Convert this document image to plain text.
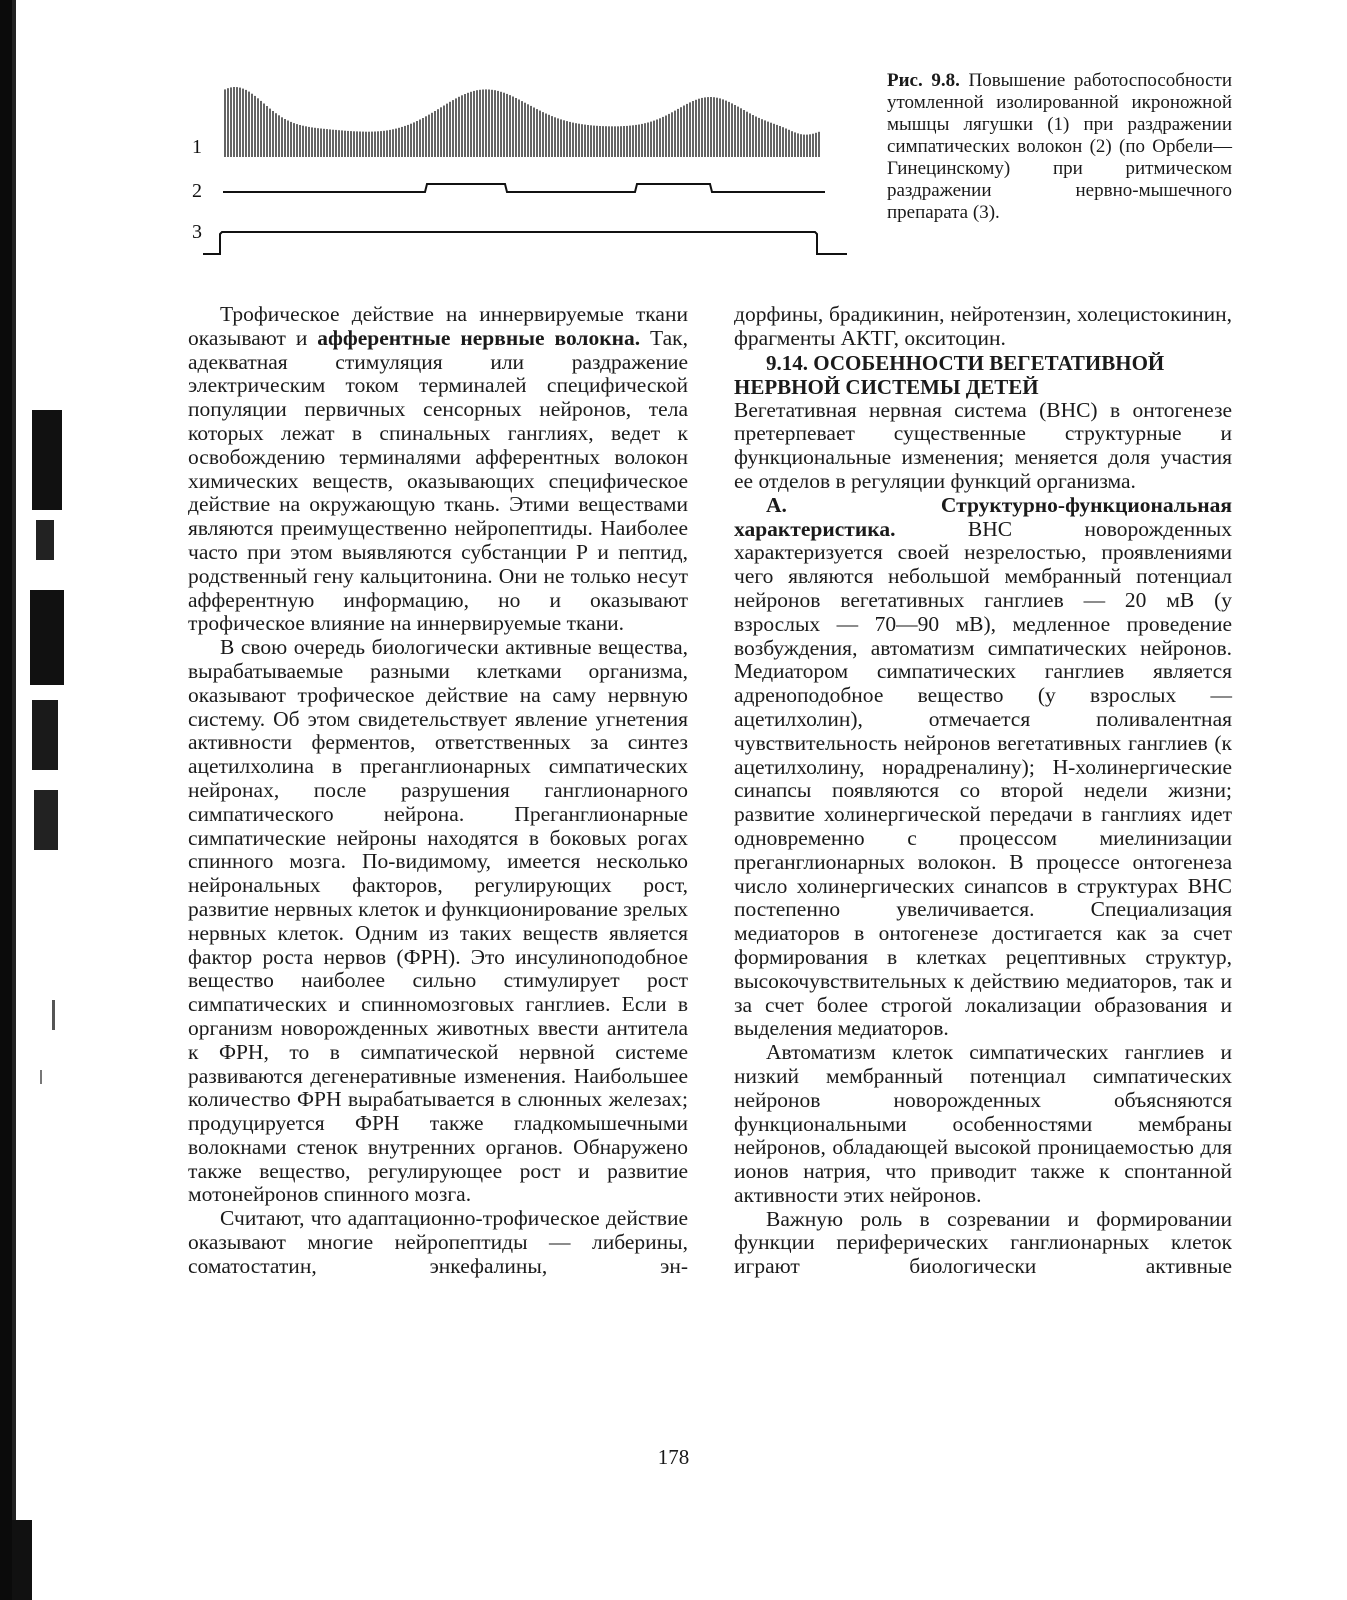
1
2
3
Рис. 9.8. Повышение работоспособности утомленной изолированной икроножной мышцы лягушки (1) при раздражении симпатических волокон (2) (по Орбели—Гинецинскому) при ритмическом раздражении нервно-мышечного препарата (3).

Трофическое действие на иннервируемые ткани оказывают и афферентные нервные волокна. Так, адекватная стимуляция или раздражение электрическим током терминалей специфической популяции первичных сенсорных нейронов, тела которых лежат в спинальных ганглиях, ведет к освобождению терминалями афферентных волокон химических веществ, оказывающих специфическое действие на окружающую ткань. Этими веществами являются преимущественно нейропептиды. Наиболее часто при этом выявляются субстанции Р и пептид, родственный гену кальцитонина. Они не только несут афферентную информацию, но и оказывают трофическое влияние на иннервируемые ткани.

В свою очередь биологически активные вещества, вырабатываемые разными клетками организма, оказывают трофическое действие на саму нервную систему. Об этом свидетельствует явление угнетения активности ферментов, ответственных за синтез ацетилхолина в преганглионарных симпатических нейронах, после разрушения ганглионарного симпатического нейрона. Преганглионарные симпатические нейроны находятся в боковых рогах спинного мозга. По-видимому, имеется несколько нейрональных факторов, регулирующих рост, развитие нервных клеток и функционирование зрелых нервных клеток. Одним из таких веществ является фактор роста нервов (ФРН). Это инсулиноподобное вещество наиболее сильно стимулирует рост симпатических и спинномозговых ганглиев. Если в организм новорожденных животных ввести антитела к ФРН, то в симпатической нервной системе развиваются дегенеративные изменения. Наибольшее количество ФРН вырабатывается в слюнных железах; продуцируется ФРН также гладкомышечными волокнами стенок внутренних органов. Обнаружено также вещество, регулирующее рост и развитие мотонейронов спинного мозга.

Считают, что адаптационно-трофическое действие оказывают многие нейропептиды — либерины, соматостатин, энкефалины, эн-

дорфины, брадикинин, нейротензин, холецистокинин, фрагменты АКТГ, окситоцин.

9.14. ОСОБЕННОСТИ ВЕГЕТАТИВНОЙ НЕРВНОЙ СИСТЕМЫ ДЕТЕЙ

Вегетативная нервная система (ВНС) в онтогенезе претерпевает существенные структурные и функциональные изменения; меняется доля участия ее отделов в регуляции функций организма.

А. Структурно-функциональная характеристика. ВНС новорожденных характеризуется своей незрелостью, проявлениями чего являются небольшой мембранный потенциал нейронов вегетативных ганглиев — 20 мВ (у взрослых — 70—90 мВ), медленное проведение возбуждения, автоматизм симпатических нейронов. Медиатором симпатических ганглиев является адреноподобное вещество (у взрослых — ацетилхолин), отмечается поливалентная чувствительность нейронов вегетативных ганглиев (к ацетилхолину, норадреналину); Н-холинергические синапсы появляются со второй недели жизни; развитие холинергической передачи в ганглиях идет одновременно с процессом миелинизации преганглионарных волокон. В процессе онтогенеза число холинергических синапсов в структурах ВНС постепенно увеличивается. Специализация медиаторов в онтогенезе достигается как за счет формирования в клетках рецептивных структур, высокочувствительных к действию медиаторов, так и за счет более строгой локализации образования и выделения медиаторов.

Автоматизм клеток симпатических ганглиев и низкий мембранный потенциал симпатических нейронов новорожденных объясняются функциональными особенностями мембраны нейронов, обладающей высокой проницаемостью для ионов натрия, что приводит также к спонтанной активности этих нейронов.

Важную роль в созревании и формировании функции периферических ганглионарных клеток играют биологически активные

178
